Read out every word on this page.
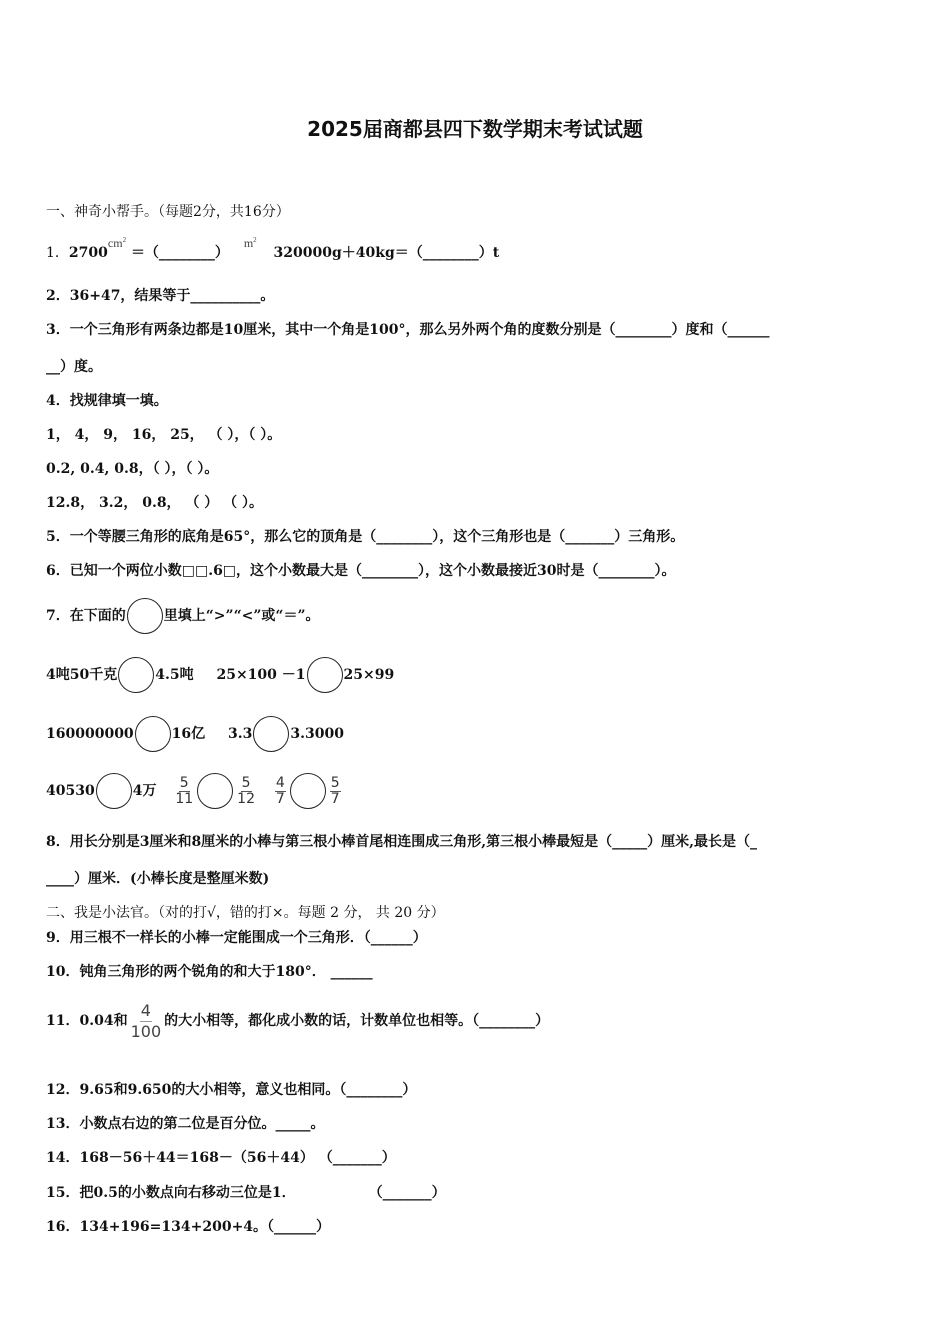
2025届商都县四下数学期末考试试题
一、神奇小帮手。（每题2分，共16分）
1．$2700cm^2$ ＝（________） $m^2$ 320000g＋40kg＝（________）t
2．36+47，结果等于__________。
3．一个三角形有两条边都是10厘米，其中一个角是100°，那么另外两个角的度数分别是（________）度和（______
__）度。
4．找规律填一填。
1， 4， 9， 16， 25， （ ），（ ）。
0.2, 0.4, 0.8，（ ），（ ）。
12.8， 3.2， 0.8， （ ） （ ）。
5．一个等腰三角形的底角是65°，那么它的顶角是（________），这个三角形也是（_______）三角形。
6．已知一个两位小数□□.6□，这个小数最大是（________），这个小数最接近30时是（________）。
7．在下面的	里填上“>”“<”或“＝”。
4吨50千克	4.5吨 25×100 －1	25×99
160000000	16亿 3.3	3.3000
40530	4万 $\frac{5}{11}$	$\frac{5}{12}$
$\frac{4}{7}$	$\frac{5}{7}$
8．用长分别是3厘米和8厘米的小棒与第三根小棒首尾相连围成三角形,第三根小棒最短是（_____）厘米,最长是（_
____）厘米．(小棒长度是整厘米数)
二、我是小法官。（对的打√，错的打×。每题 2 分， 共 20 分）
9．用三根不一样长的小棒一定能围成一个三角形．（______）
10．钝角三角形的两个锐角的和大于180°． ______
11．0.04和 $\frac{4}{100}$ 的大小相等，都化成小数的话，计数单位也相等。（________）
12．9.65和9.650的大小相等，意义也相同。（________）
13．小数点右边的第二位是百分位。_____。
14．168－56＋44＝168－（56＋44） （_______）
15．把0.5的小数点向右移动三位是1．	（_______）
16．134+196=134+200+4。（______）
